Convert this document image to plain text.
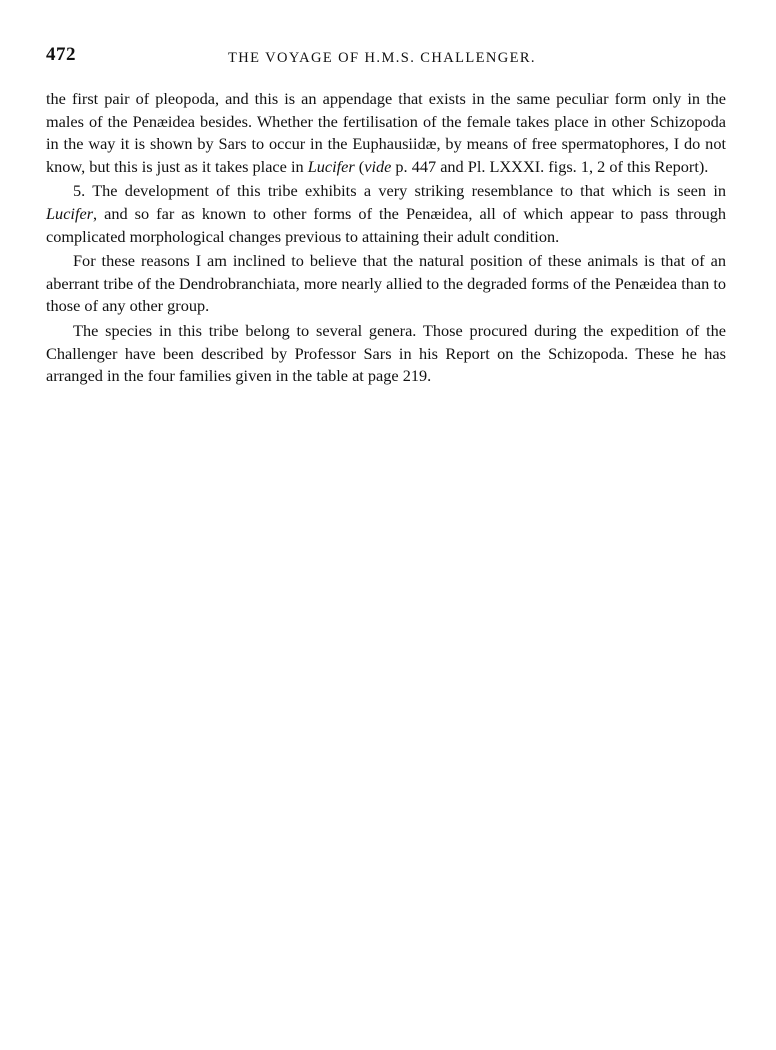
472	THE VOYAGE OF H.M.S. CHALLENGER.

the first pair of pleopoda, and this is an appendage that exists in the same peculiar form only in the males of the Penæidea besides. Whether the fertilisation of the female takes place in other Schizopoda in the way it is shown by Sars to occur in the Euphausiidæ, by means of free spermatophores, I do not know, but this is just as it takes place in Lucifer (vide p. 447 and Pl. LXXXI. figs. 1, 2 of this Report).

5. The development of this tribe exhibits a very striking resemblance to that which is seen in Lucifer, and so far as known to other forms of the Penæidea, all of which appear to pass through complicated morphological changes previous to attaining their adult condition.

For these reasons I am inclined to believe that the natural position of these animals is that of an aberrant tribe of the Dendrobranchiata, more nearly allied to the degraded forms of the Penæidea than to those of any other group.

The species in this tribe belong to several genera. Those procured during the expedition of the Challenger have been described by Professor Sars in his Report on the Schizopoda. These he has arranged in the four families given in the table at page 219.
